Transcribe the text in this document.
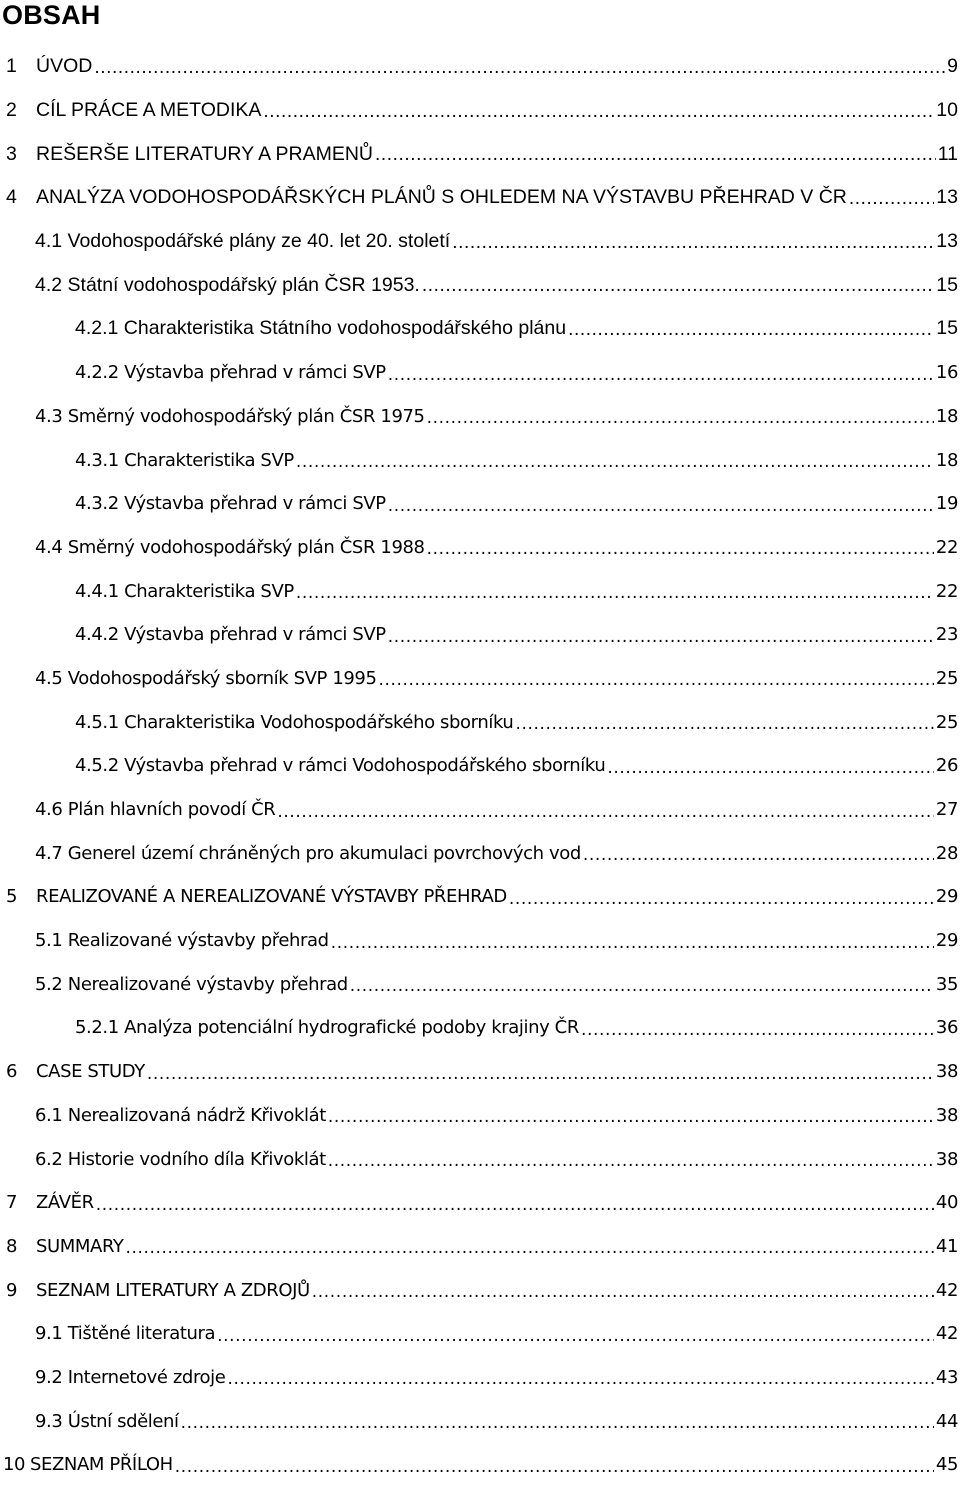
OBSAH
1 ÚVOD .....	9
2 CÍL PRÁCE A METODIKA .....	10
3 REŠERŠE LITERATURY A PRAMENŮ .....	11
4 ANALÝZA VODOHOSPODÁŘSKÝCH PLÁNŮ S OHLEDEM NA VÝSTAVBU PŘEHRAD V ČR .....	13
4.1 Vodohospodářské plány ze 40. let 20. století .....	13
4.2 Státní vodohospodářský plán ČSR 1953. .....	15
4.2.1 Charakteristika Státního vodohospodářského plánu .....	15
4.2.2 Výstavba přehrad v rámci SVP .....	16
4.3 Směrný vodohospodářský plán ČSR 1975 .....	18
4.3.1 Charakteristika SVP .....	18
4.3.2 Výstavba přehrad v rámci SVP .....	19
4.4 Směrný vodohospodářský plán ČSR 1988 .....	22
4.4.1 Charakteristika SVP .....	22
4.4.2 Výstavba přehrad v rámci SVP .....	23
4.5 Vodohospodářský sborník SVP 1995 .....	25
4.5.1 Charakteristika Vodohospodářského sborníku .....	25
4.5.2 Výstavba přehrad v rámci Vodohospodářského sborníku .....	26
4.6 Plán hlavních povodí ČR .....	27
4.7 Generel území chráněných pro akumulaci povrchových vod .....	28
5	REALIZOVANÉ A NEREALIZOVANÉ VÝSTAVBY PŘEHRAD .....	29
5.1 Realizované výstavby přehrad .....	29
5.2 Nerealizované výstavby přehrad .....	35
5.2.1 Analýza potenciální hydrografické podoby krajiny ČR .....	36
6	CASE STUDY .....	38
6.1 Nerealizovaná nádrž Křivoklát .....	38
6.2 Historie vodního díla Křivoklát .....	38
7	ZÁVĚR .....	40
8	SUMMARY .....	41
9	SEZNAM LITERATURY A ZDROJŮ .....	42
9.1 Tištěné literatura .....	42
9.2 Internetové zdroje .....	43
9.3 Ústní sdělení .....	44
10 SEZNAM PŘÍLOH .....	45
